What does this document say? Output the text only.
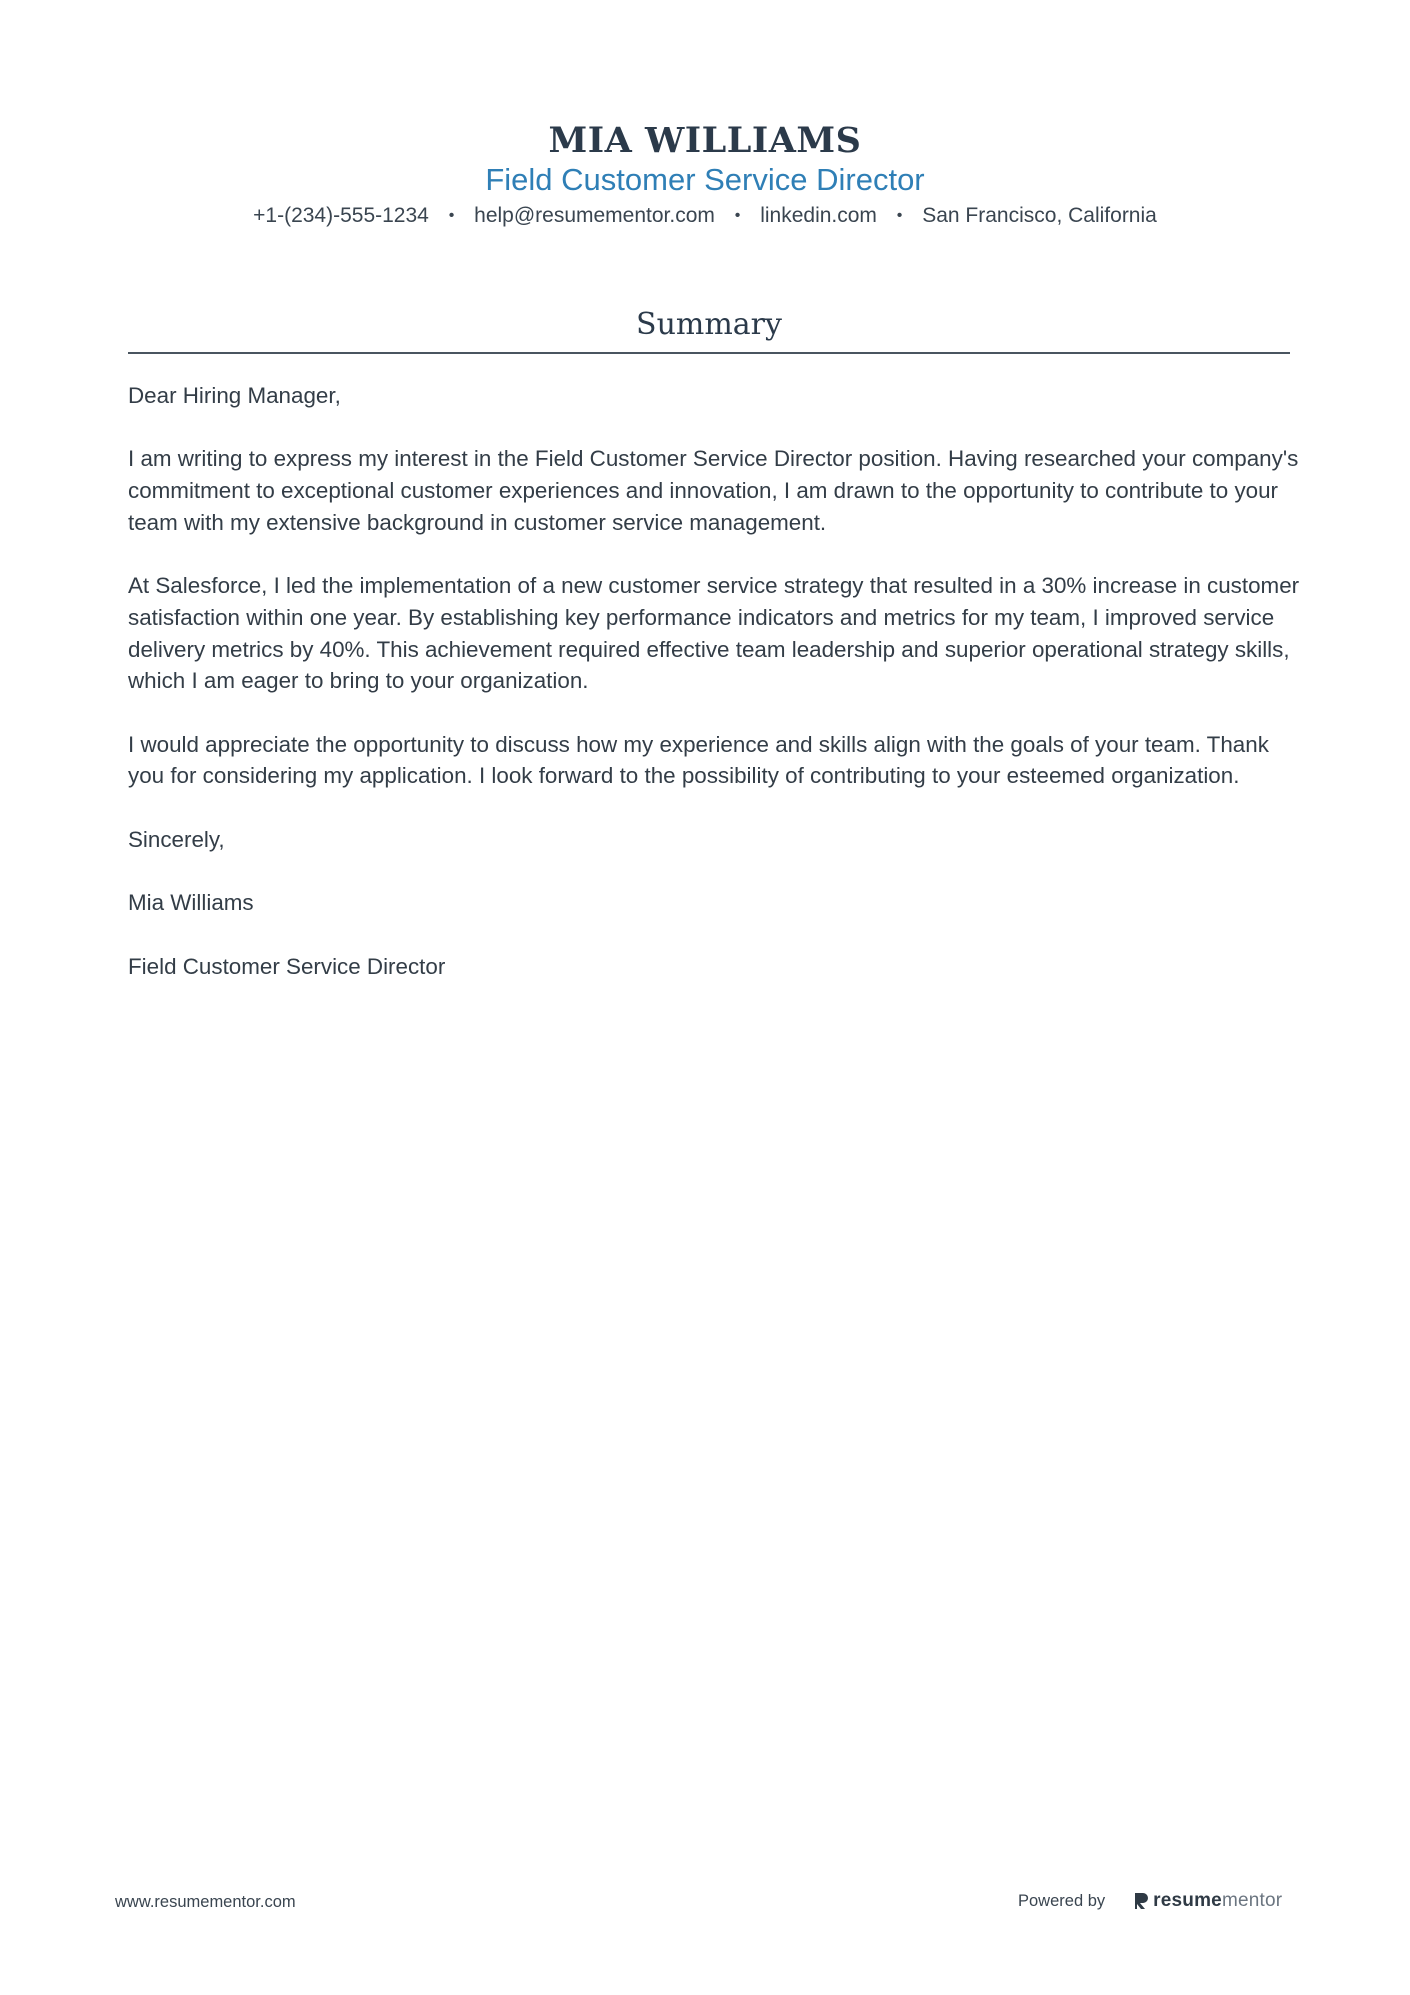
MIA WILLIAMS
Field Customer Service Director
+1-(234)-555-1234 • help@resumementor.com • linkedin.com • San Francisco, California
Summary

Dear Hiring Manager,

I am writing to express my interest in the Field Customer Service Director position. Having researched your company's commitment to exceptional customer experiences and innovation, I am drawn to the opportunity to contribute to your team with my extensive background in customer service management.

At Salesforce, I led the implementation of a new customer service strategy that resulted in a 30% increase in customer satisfaction within one year. By establishing key performance indicators and metrics for my team, I improved service delivery metrics by 40%. This achievement required effective team leadership and superior operational strategy skills, which I am eager to bring to your organization.

I would appreciate the opportunity to discuss how my experience and skills align with the goals of your team. Thank you for considering my application. I look forward to the possibility of contributing to your esteemed organization.

Sincerely,

Mia Williams

Field Customer Service Director

www.resumementor.com	Powered by	resumementor
